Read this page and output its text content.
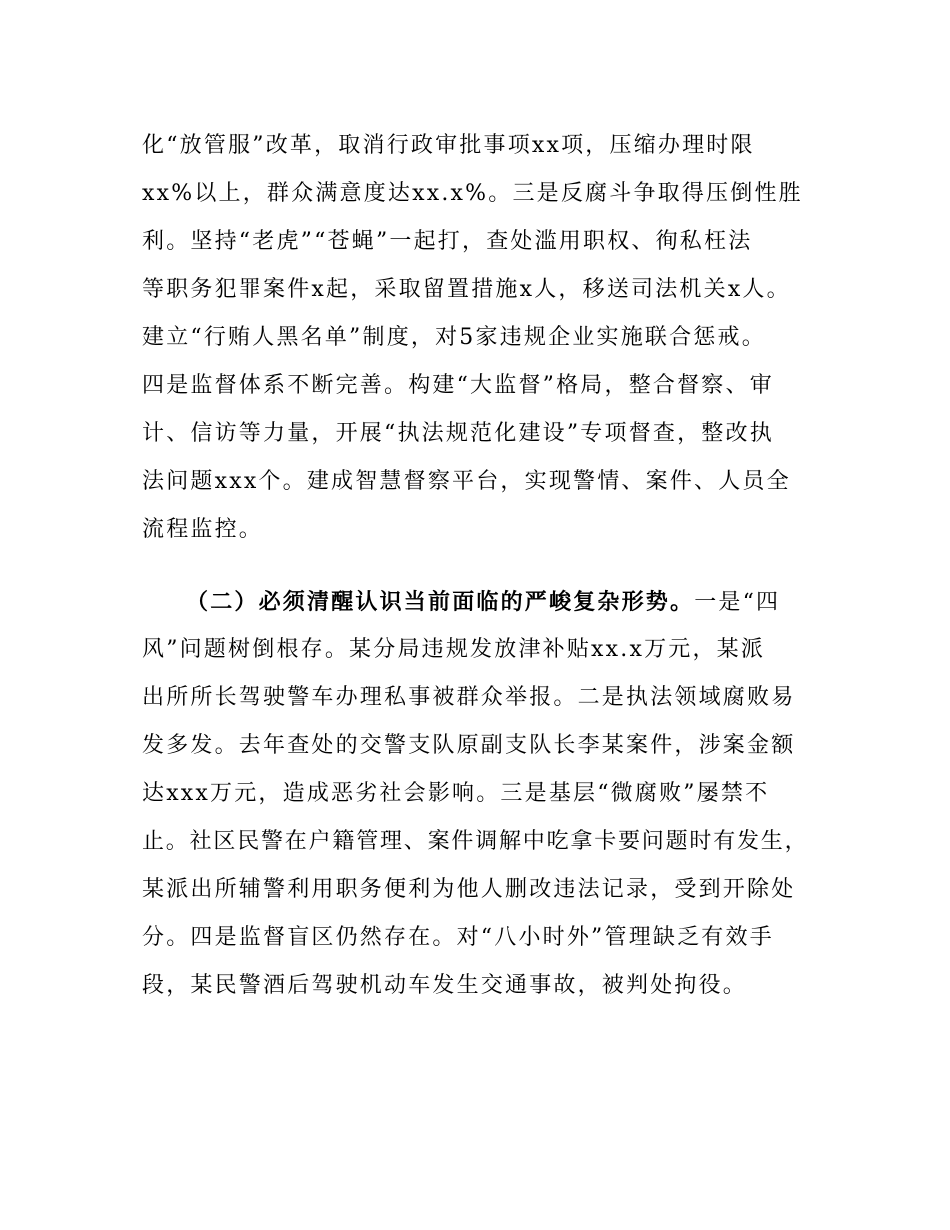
化“放管服”改革，取消行政审批事项xx项，压缩办理时限
xx%以上，群众满意度达xx.x%。三是反腐斗争取得压倒性胜
利。坚持“老虎”“苍蝇”一起打，查处滥用职权、徇私枉法
等职务犯罪案件x起，采取留置措施x人，移送司法机关x人。
建立“行贿人黑名单”制度，对5家违规企业实施联合惩戒。
四是监督体系不断完善。构建“大监督”格局，整合督察、审
计、信访等力量，开展“执法规范化建设”专项督查，整改执
法问题xxx个。建成智慧督察平台，实现警情、案件、人员全
流程监控。
（二）必须清醒认识当前面临的严峻复杂形势。一是“四
风”问题树倒根存。某分局违规发放津补贴xx.x万元，某派
出所所长驾驶警车办理私事被群众举报。二是执法领域腐败易
发多发。去年查处的交警支队原副支队长李某案件，涉案金额
达xxx万元，造成恶劣社会影响。三是基层“微腐败”屡禁不
止。社区民警在户籍管理、案件调解中吃拿卡要问题时有发生，
某派出所辅警利用职务便利为他人删改违法记录，受到开除处
分。四是监督盲区仍然存在。对“八小时外”管理缺乏有效手
段，某民警酒后驾驶机动车发生交通事故，被判处拘役。
